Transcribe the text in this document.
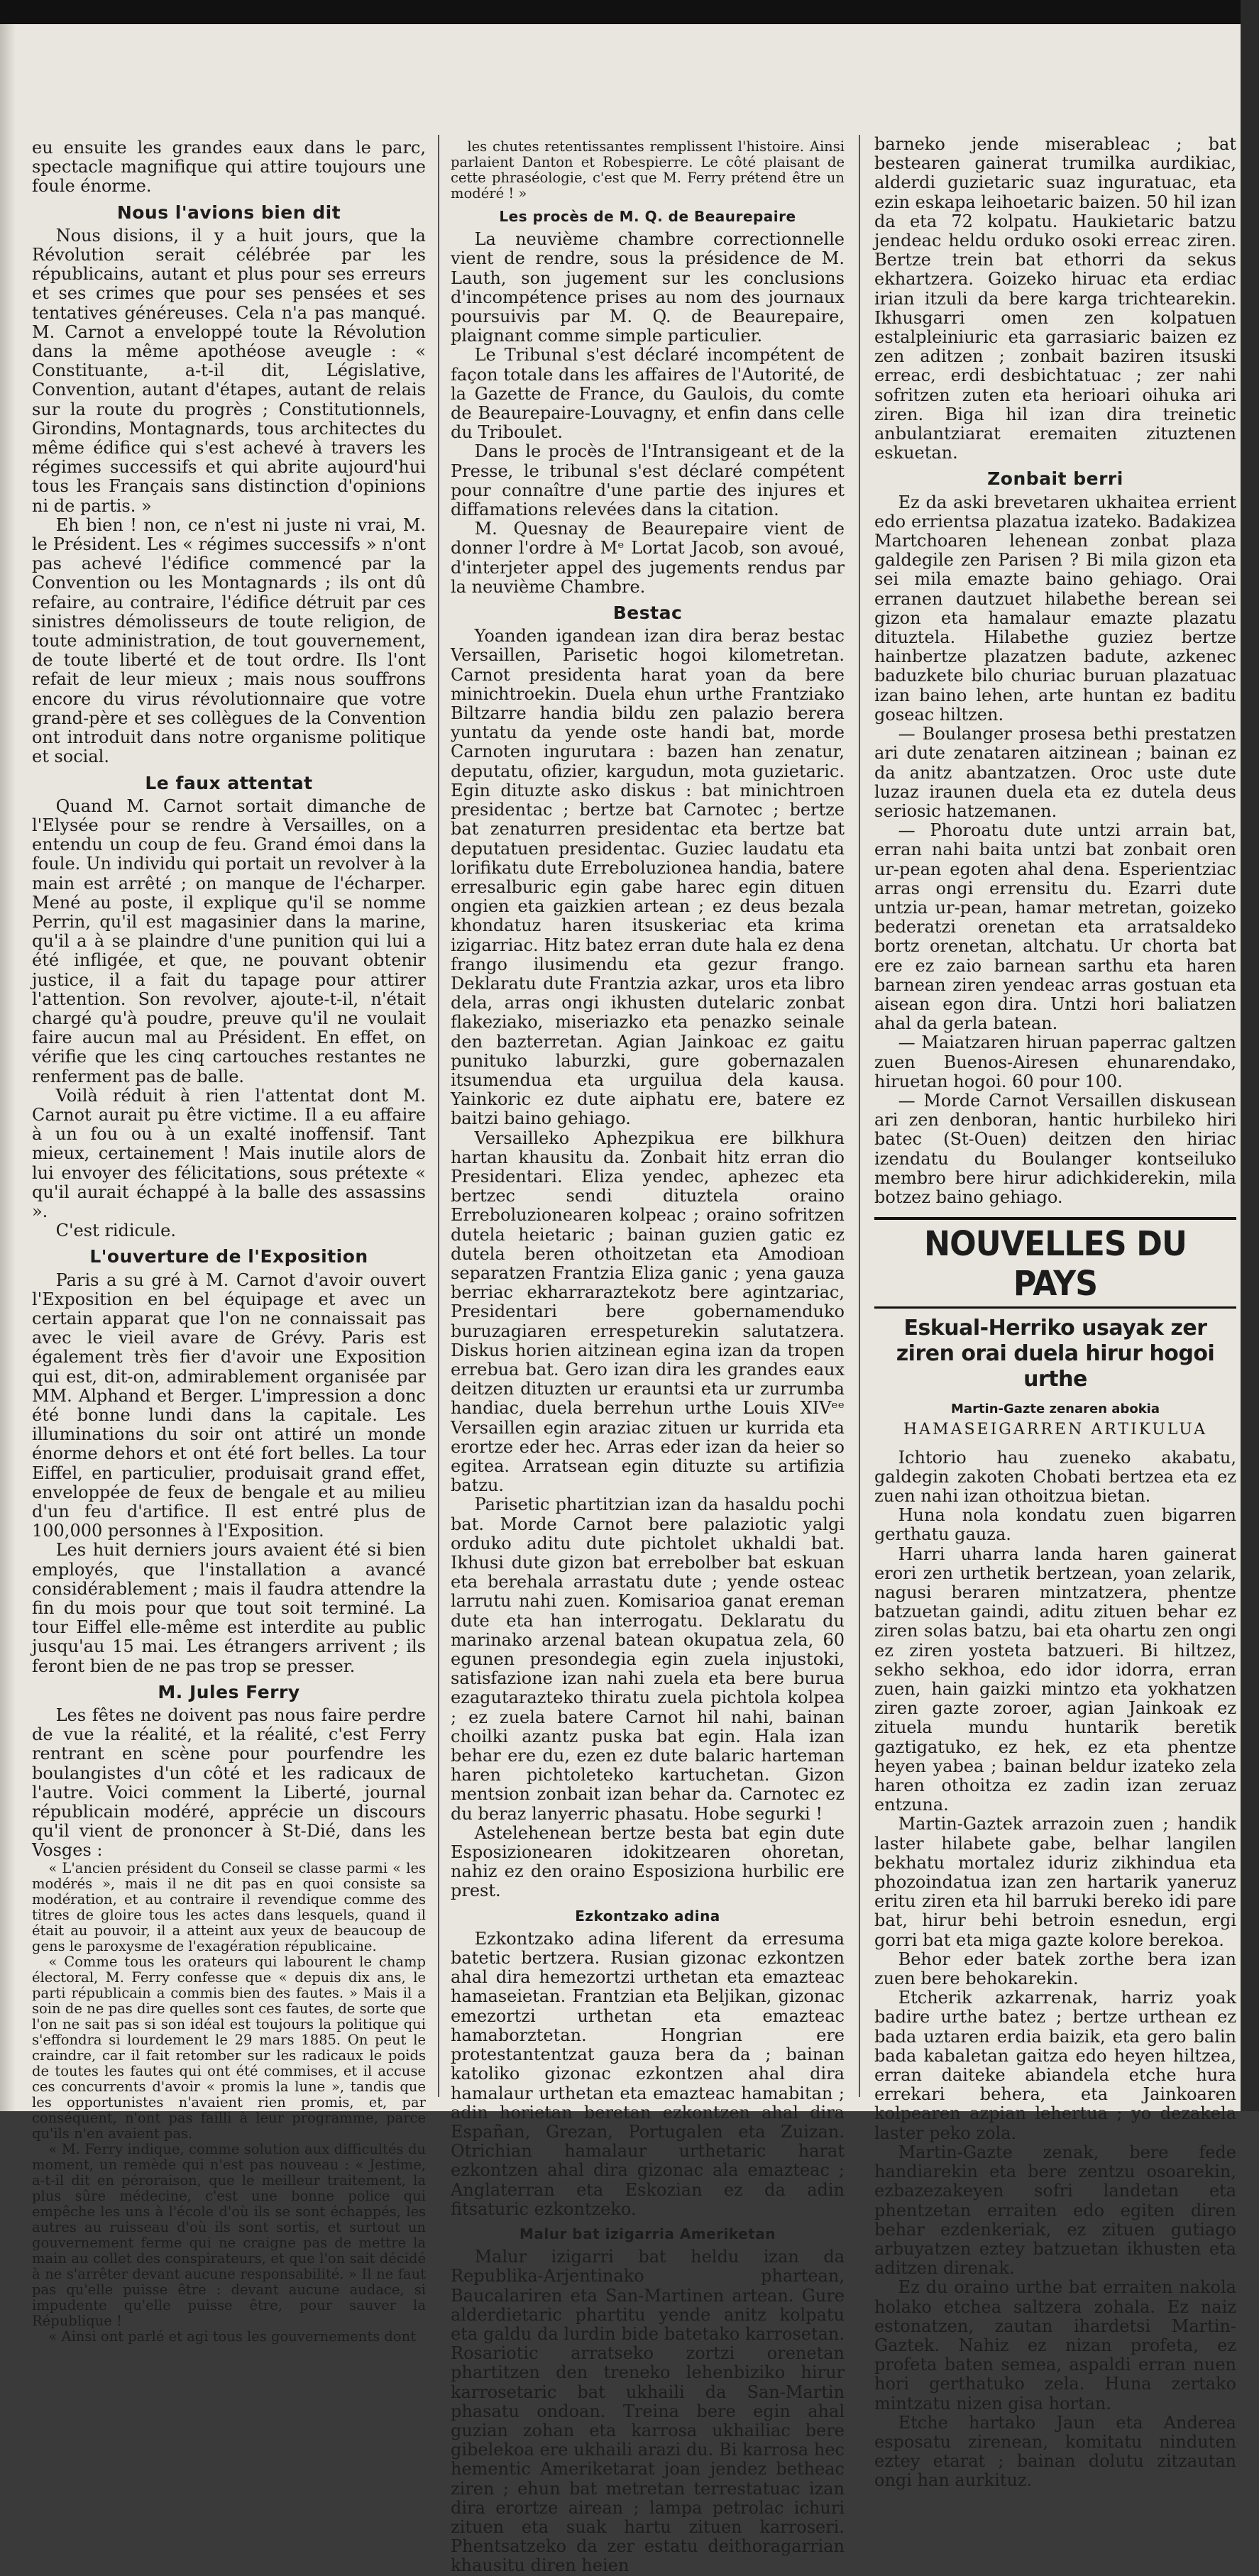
eu ensuite les grandes eaux dans le parc, spectacle magnifique qui attire toujours une foule énorme.

Nous l'avions bien dit

Nous disions, il y a huit jours, que la Révolution serait célébrée par les républicains, autant et plus pour ses erreurs et ses crimes que pour ses pensées et ses tentatives généreuses. Cela n'a pas manqué. M. Carnot a enveloppé toute la Révolution dans la même apothéose aveugle : « Constituante, a-t-il dit, Législative, Convention, autant d'étapes, autant de relais sur la route du progrès ; Constitutionnels, Girondins, Montagnards, tous architectes du même édifice qui s'est achevé à travers les régimes successifs et qui abrite aujourd'hui tous les Français sans distinction d'opinions ni de partis. »

Eh bien ! non, ce n'est ni juste ni vrai, M. le Président. Les « régimes successifs » n'ont pas achevé l'édifice commencé par la Convention ou les Montagnards ; ils ont dû refaire, au contraire, l'édifice détruit par ces sinistres démolisseurs de toute religion, de toute administration, de tout gouvernement, de toute liberté et de tout ordre. Ils l'ont refait de leur mieux ; mais nous souffrons encore du virus révolutionnaire que votre grand-père et ses collègues de la Convention ont introduit dans notre organisme politique et social.

Le faux attentat

Quand M. Carnot sortait dimanche de l'Elysée pour se rendre à Versailles, on a entendu un coup de feu. Grand émoi dans la foule. Un individu qui portait un revolver à la main est arrêté ; on manque de l'écharper. Mené au poste, il explique qu'il se nomme Perrin, qu'il est magasinier dans la marine, qu'il a à se plaindre d'une punition qui lui a été infligée, et que, ne pouvant obtenir justice, il a fait du tapage pour attirer l'attention. Son revolver, ajoute-t-il, n'était chargé qu'à poudre, preuve qu'il ne voulait faire aucun mal au Président. En effet, on vérifie que les cinq cartouches restantes ne renferment pas de balle.

Voilà réduit à rien l'attentat dont M. Carnot aurait pu être victime. Il a eu affaire à un fou ou à un exalté inoffensif. Tant mieux, certainement ! Mais inutile alors de lui envoyer des félicitations, sous prétexte « qu'il aurait échappé à la balle des assassins ».

C'est ridicule.

L'ouverture de l'Exposition

Paris a su gré à M. Carnot d'avoir ouvert l'Exposition en bel équipage et avec un certain apparat que l'on ne connaissait pas avec le vieil avare de Grévy. Paris est également très fier d'avoir une Exposition qui est, dit-on, admirablement organisée par MM. Alphand et Berger. L'impression a donc été bonne lundi dans la capitale. Les illuminations du soir ont attiré un monde énorme dehors et ont été fort belles. La tour Eiffel, en particulier, produisait grand effet, enveloppée de feux de bengale et au milieu d'un feu d'artifice. Il est entré plus de 100,000 personnes à l'Exposition.

Les huit derniers jours avaient été si bien employés, que l'installation a avancé considérablement ; mais il faudra attendre la fin du mois pour que tout soit terminé. La tour Eiffel elle-même est interdite au public jusqu'au 15 mai. Les étrangers arrivent ; ils feront bien de ne pas trop se presser.

M. Jules Ferry

Les fêtes ne doivent pas nous faire perdre de vue la réalité, et la réalité, c'est Ferry rentrant en scène pour pourfendre les boulangistes d'un côté et les radicaux de l'autre. Voici comment la Liberté, journal républicain modéré, apprécie un discours qu'il vient de prononcer à St-Dié, dans les Vosges :

« L'ancien président du Conseil se classe parmi « les modérés », mais il ne dit pas en quoi consiste sa modération, et au contraire il revendique comme des titres de gloire tous les actes dans lesquels, quand il était au pouvoir, il a atteint aux yeux de beaucoup de gens le paroxysme de l'exagération républicaine.

« Comme tous les orateurs qui labourent le champ électoral, M. Ferry confesse que « depuis dix ans, le parti républicain a commis bien des fautes. » Mais il a soin de ne pas dire quelles sont ces fautes, de sorte que l'on ne sait pas si son idéal est toujours la politique qui s'effondra si lourdement le 29 mars 1885. On peut le craindre, car il fait retomber sur les radicaux le poids de toutes les fautes qui ont été commises, et il accuse ces concurrents d'avoir « promis la lune », tandis que les opportunistes n'avaient rien promis, et, par conséquent, n'ont pas failli à leur programme, parce qu'ils n'en avaient pas.

« M. Ferry indique, comme solution aux difficultés du moment, un remède qui n'est pas nouveau : « Jestime, a-t-il dit en péroraison, que le meilleur traitement, la plus sûre médecine, c'est une bonne police qui empêche les uns à l'école d'où ils se sont échappés, les autres au ruisseau d'où ils sont sortis, et surtout un gouvernement ferme qui ne craigne pas de mettre la main au collet des conspirateurs, et que l'on sait décidé à ne s'arrêter devant aucune responsabilité. » Il ne faut pas qu'elle puisse être : devant aucune audace, si impudente qu'elle puisse être, pour sauver la République !

« Ainsi ont parlé et agi tous les gouvernements dont

les chutes retentissantes remplissent l'histoire. Ainsi parlaient Danton et Robespierre. Le côté plaisant de cette phraséologie, c'est que M. Ferry prétend être un modéré ! »

Les procès de M. Q. de Beaurepaire

La neuvième chambre correctionnelle vient de rendre, sous la présidence de M. Lauth, son jugement sur les conclusions d'incompétence prises au nom des journaux poursuivis par M. Q. de Beaurepaire, plaignant comme simple particulier.

Le Tribunal s'est déclaré incompétent de façon totale dans les affaires de l'Autorité, de la Gazette de France, du Gaulois, du comte de Beaurepaire-Louvagny, et enfin dans celle du Triboulet.

Dans le procès de l'Intransigeant et de la Presse, le tribunal s'est déclaré compétent pour connaître d'une partie des injures et diffamations relevées dans la citation.

M. Quesnay de Beaurepaire vient de donner l'ordre à Mᵉ Lortat Jacob, son avoué, d'interjeter appel des jugements rendus par la neuvième Chambre.

Bestac

Yoanden igandean izan dira beraz bestac Versaillen, Parisetic hogoi kilometretan. Carnot presidenta harat yoan da bere minichtroekin. Duela ehun urthe Frantziako Biltzarre handia bildu zen palazio berera yuntatu da yende oste handi bat, morde Carnoten ingurutara : bazen han zenatur, deputatu, ofizier, kargudun, mota guzietaric. Egin dituzte asko diskus : bat minichtroen presidentac ; bertze bat Carnotec ; bertze bat zenaturren presidentac eta bertze bat deputatuen presidentac. Guziec laudatu eta lorifikatu dute Erreboluzionea handia, batere erresalburic egin gabe harec egin dituen ongien eta gaizkien artean ; ez deus bezala khondatuz haren itsuskeriac eta krima izigarriac. Hitz batez erran dute hala ez dena frango ilusimendu eta gezur frango. Deklaratu dute Frantzia azkar, uros eta libro dela, arras ongi ikhusten dutelaric zonbat flakeziako, miseriazko eta penazko seinale den bazterretan. Agian Jainkoac ez gaitu punituko laburzki, gure gobernazalen itsumendua eta urguilua dela kausa. Yainkoric ez dute aiphatu ere, batere ez baitzi baino gehiago.

Versailleko Aphezpikua ere bilkhura hartan khausitu da. Zonbait hitz erran dio Presidentari. Eliza yendec, aphezec eta bertzec sendi dituztela oraino Erreboluzionearen kolpeac ; oraino sofritzen dutela heietaric ; bainan guzien gatic ez dutela beren othoitzetan eta Amodioan separatzen Frantzia Eliza ganic ; yena gauza berriac ekharraraztekotz bere agintzariac, Presidentari bere gobernamenduko buruzagiaren errespeturekin salutatzera. Diskus horien aitzinean egina izan da tropen errebua bat. Gero izan dira les grandes eaux deitzen dituzten ur erauntsi eta ur zurrumba handiac, duela berrehun urthe Louis XIVᵉᵉ Versaillen egin araziac zituen ur kurrida eta erortze eder hec. Arras eder izan da heier so egitea. Arratsean egin dituzte su artifizia batzu.

Parisetic phartitzian izan da hasaldu pochi bat. Morde Carnot bere palaziotic yalgi orduko aditu dute pichtolet ukhaldi bat. Ikhusi dute gizon bat errebolber bat eskuan eta berehala arrastatu dute ; yende osteac larrutu nahi zuen. Komisarioa ganat ereman dute eta han interrogatu. Deklaratu du marinako arzenal batean okupatua zela, 60 egunen presondegia egin zuela injustoki, satisfazione izan nahi zuela eta bere burua ezagutarazteko thiratu zuela pichtola kolpea ; ez zuela batere Carnot hil nahi, bainan choilki azantz puska bat egin. Hala izan behar ere du, ezen ez dute balaric harteman haren pichtoleteko kartuchetan. Gizon mentsion zonbait izan behar da. Carnotec ez du beraz lanyerric phasatu. Hobe segurki !

Astelehenean bertze besta bat egin dute Esposizionearen idokitzearen ohoretan, nahiz ez den oraino Esposiziona hurbilic ere prest.

Ezkontzako adina

Ezkontzako adina liferent da erresuma batetic bertzera. Rusian gizonac ezkontzen ahal dira hemezortzi urthetan eta emazteac hamaseietan. Frantzian eta Beljikan, gizonac emezortzi urthetan eta emazteac hamaborztetan. Hongrian ere protestantentzat gauza bera da ; bainan katoliko gizonac ezkontzen ahal dira hamalaur urthetan eta emazteac hamabitan ; adin horietan beretan ezkontzen ahal dira Españan, Grezan, Portugalen eta Zuizan. Otrichian hamalaur urthetaric harat ezkontzen ahal dira gizonac ala emazteac ; Anglaterran eta Eskozian ez da adin fitsaturic ezkontzeko.

Malur bat izigarria Ameriketan

Malur izigarri bat heldu izan da Republika-Arjentinako phartean, Baucalariren eta San-Martinen artean. Gure alderdietaric phartitu yende anitz kolpatu eta galdu da lurdin bide batetako karrosetan. Rosariotic arratseko zortzi orenetan phartitzen den treneko lehenbiziko hirur karrosetaric bat ukhaili da San-Martin phasatu ondoan. Treina bere egin ahal guzian zohan eta karrosa ukhailiac bere gibelekoa ere ukhaili arazi du. Bi karrosa hec hementic Ameriketarat joan jendez betheac ziren ; ehun bat metretan terrestatuac izan dira erortze airean ; lampa petrolac ichuri zituen eta suak hartu zituen karroseri. Phentsatzeko da zer estatu deithoragarrian khausitu diren heien

barneko jende miserableac ; bat bestearen gainerat trumilka aurdikiac, alderdi guzietaric suaz inguratuac, eta ezin eskapa leihoetaric baizen. 50 hil izan da eta 72 kolpatu. Haukietaric batzu jendeac heldu orduko osoki erreac ziren. Bertze trein bat ethorri da sekus ekhartzera. Goizeko hiruac eta erdiac irian itzuli da bere karga trichtearekin. Ikhusgarri omen zen kolpatuen estalpleiniuric eta garrasiaric baizen ez zen aditzen ; zonbait baziren itsuski erreac, erdi desbichtatuac ; zer nahi sofritzen zuten eta herioari oihuka ari ziren. Biga hil izan dira treinetic anbulantziarat eremaiten zituztenen eskuetan.

Zonbait berri

Ez da aski brevetaren ukhaitea errient edo errientsa plazatua izateko. Badakizea Martchoaren lehenean zonbat plaza galdegile zen Parisen ? Bi mila gizon eta sei mila emazte baino gehiago. Orai erranen dautzuet hilabethe berean sei gizon eta hamalaur emazte plazatu dituztela. Hilabethe guziez bertze hainbertze plazatzen badute, azkenec baduzkete bilo churiac buruan plazatuac izan baino lehen, arte huntan ez baditu goseac hiltzen.

— Boulanger prosesa bethi prestatzen ari dute zenataren aitzinean ; bainan ez da anitz abantzatzen. Oroc uste dute luzaz iraunen duela eta ez dutela deus seriosic hatzemanen.

— Phoroatu dute untzi arrain bat, erran nahi baita untzi bat zonbait oren ur-pean egoten ahal dena. Esperientziac arras ongi errensitu du. Ezarri dute untzia ur-pean, hamar metretan, goizeko bederatzi orenetan eta arratsaldeko bortz orenetan, altchatu. Ur chorta bat ere ez zaio barnean sarthu eta haren barnean ziren yendeac arras gostuan eta aisean egon dira. Untzi hori baliatzen ahal da gerla batean.

— Maiatzaren hiruan paperrac galtzen zuen Buenos-Airesen ehunarendako, hiruetan hogoi. 60 pour 100.

— Morde Carnot Versaillen diskusean ari zen denboran, hantic hurbileko hiri batec (St-Ouen) deitzen den hiriac izendatu du Boulanger kontseiluko membro bere hirur adichkiderekin, mila botzez baino gehiago.

NOUVELLES DU PAYS
Eskual-Herriko usayak zer ziren orai duela hirur hogoi urthe
Martin-Gazte zenaren abokia
HAMASEIGARREN ARTIKULUA

Ichtorio hau zueneko akabatu, galdegin zakoten Chobati bertzea eta ez zuen nahi izan othoitzua bietan.

Huna nola kondatu zuen bigarren gerthatu gauza.

Harri uharra landa haren gainerat erori zen urthetik bertzean, yoan zelarik, nagusi beraren mintzatzera, phentze batzuetan gaindi, aditu zituen behar ez ziren solas batzu, bai eta ohartu zen ongi ez ziren yosteta batzueri. Bi hiltzez, sekho sekhoa, edo idor idorra, erran zuen, hain gaizki mintzo eta yokhatzen ziren gazte zoroer, agian Jainkoak ez zituela mundu huntarik beretik gaztigatuko, ez hek, ez eta phentze heyen yabea ; bainan beldur izateko zela haren othoitza ez zadin izan zeruaz entzuna.

Martin-Gaztek arrazoin zuen ; handik laster hilabete gabe, belhar langilen bekhatu mortalez iduriz zikhindua eta phozoindatua izan zen hartarik yaneruz eritu ziren eta hil barruki bereko idi pare bat, hirur behi betroin esnedun, ergi gorri bat eta miga gazte kolore berekoa.

Behor eder batek zorthe bera izan zuen bere behokarekin.

Etcherik azkarrenak, harriz yoak badire urthe batez ; bertze urthean ez bada uztaren erdia baizik, eta gero balin bada kabaletan gaitza edo heyen hiltzea, erran daiteke abiandela etche hura errekari behera, eta Jainkoaren kolpearen azpian lehertua ; yo dezakela laster peko zola.

Martin-Gazte zenak, bere fede handiarekin eta bere zentzu osoarekin, ezbazezakeyen sofri landetan eta phentzetan erraiten edo egiten diren behar ezdenkeriak, ez zituen gutiago arbuyatzen eztey batzuetan ikhusten eta aditzen direnak.

Ez du oraino urthe bat erraiten nakola holako etchea saltzera zohala. Ez naiz estonatzen, zautan ihardetsi Martin-Gaztek. Nahiz ez nizan profeta, ez profeta baten semea, aspaldi erran nuen hori gerthatuko zela. Huna zertako mintzatu nizen gisa hortan.

Etche hartako Jaun eta Anderea esposatu zirenean, komitatu ninduten eztey etarat ; bainan dolutu zitzautan ongi han aurkituz.
